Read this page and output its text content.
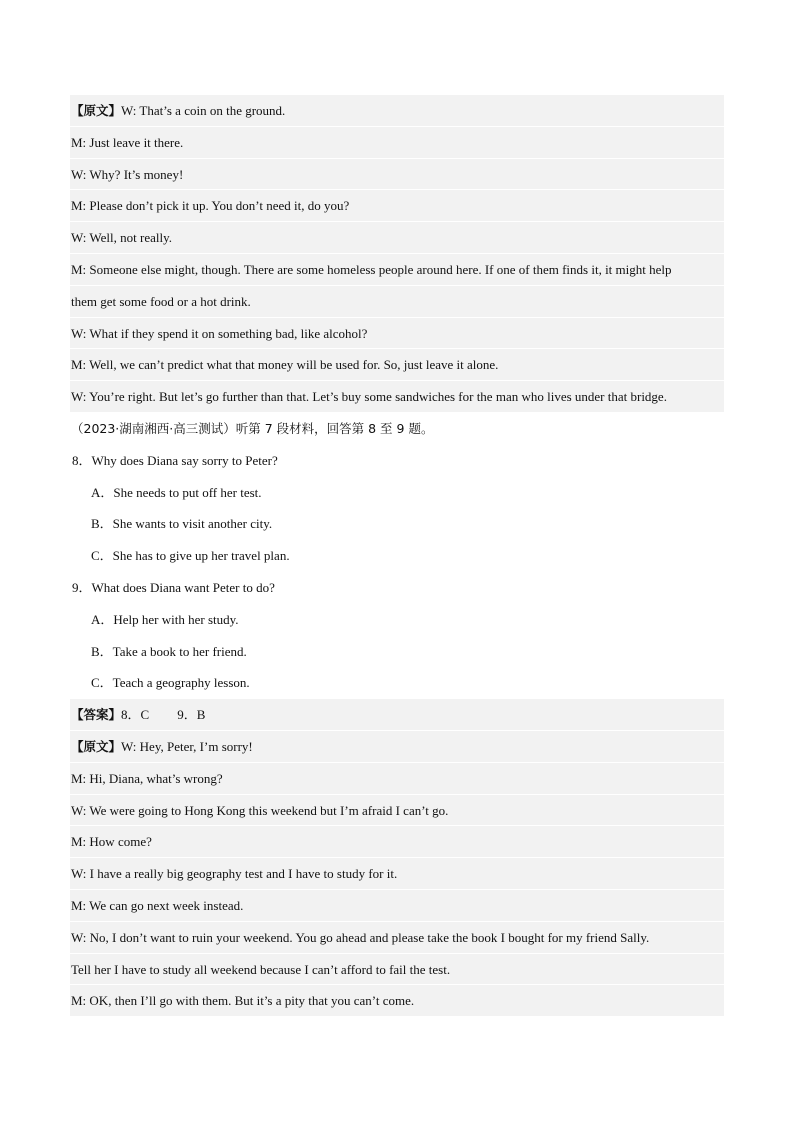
【原文】W: That’s a coin on the ground.
M: Just leave it there.
W: Why? It’s money!
M: Please don’t pick it up. You don’t need it, do you?
W: Well, not really.
M: Someone else might, though. There are some homeless people around here. If one of them finds it, it might help
them get some food or a hot drink.
W: What if they spend it on something bad, like alcohol?
M: Well, we can’t predict what that money will be used for. So, just leave it alone.
W: You’re right. But let’s go further than that. Let’s buy some sandwiches for the man who lives under that bridge.
（2023·湖南湘西·高三测试）听第 7 段材料，回答第 8 至 9 题。
8．Why does Diana say sorry to Peter?
A．She needs to put off her test.
B．She wants to visit another city.
C．She has to give up her travel plan.
9．What does Diana want Peter to do?
A．Help her with her study.
B．Take a book to her friend.
C．Teach a geography lesson.
【答案】8．C 9．B
【原文】W: Hey, Peter, I’m sorry!
M: Hi, Diana, what’s wrong?
W: We were going to Hong Kong this weekend but I’m afraid I can’t go.
M: How come?
W: I have a really big geography test and I have to study for it.
M: We can go next week instead.
W: No, I don’t want to ruin your weekend. You go ahead and please take the book I bought for my friend Sally.
Tell her I have to study all weekend because I can’t afford to fail the test.
M: OK, then I’ll go with them. But it’s a pity that you can’t come.
